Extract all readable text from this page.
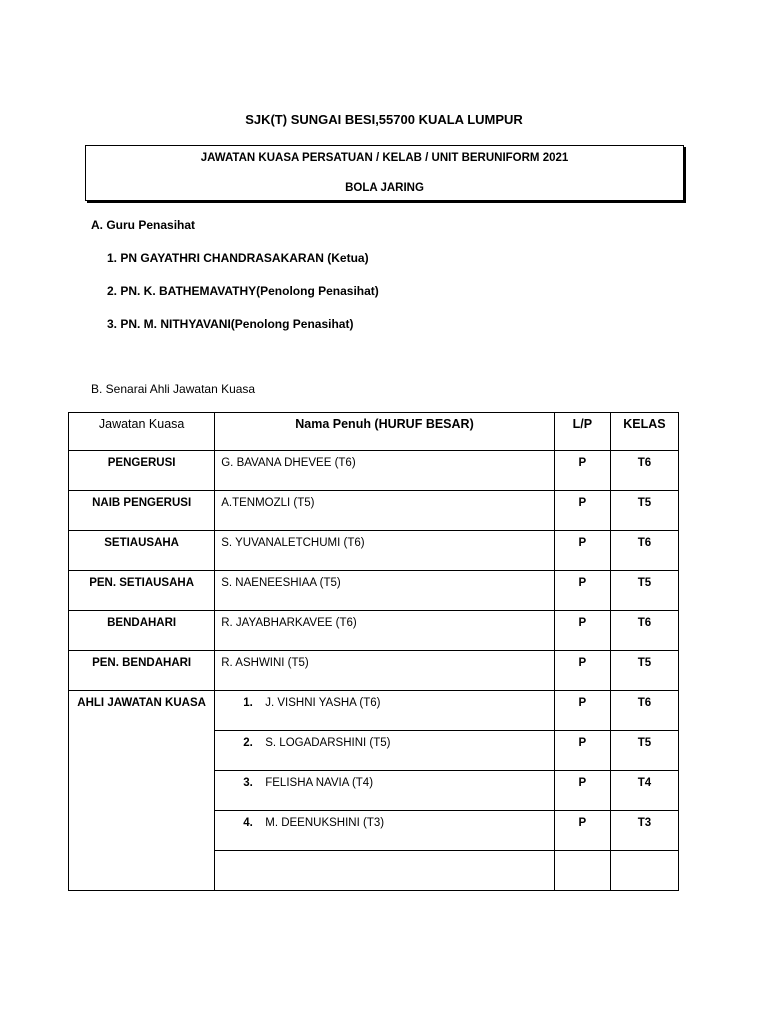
SJK(T) SUNGAI BESI,55700 KUALA LUMPUR
JAWATAN KUASA PERSATUAN / KELAB / UNIT BERUNIFORM 2021
BOLA JARING
A. Guru Penasihat
1. PN GAYATHRI CHANDRASAKARAN (Ketua)
2. PN. K. BATHEMAVATHY(Penolong Penasihat)
3. PN. M. NITHYAVANI(Penolong Penasihat)
B. Senarai Ahli Jawatan Kuasa
Jawatan Kuasa	Nama Penuh (HURUF BESAR)	L/P	KELAS
PENGERUSI	G. BAVANA DHEVEE (T6)	P	T6
NAIB PENGERUSI	A.TENMOZLI (T5)	P	T5
SETIAUSAHA	S. YUVANALETCHUMI (T6)	P	T6
PEN. SETIAUSAHA	S. NAENEESHIAA (T5)	P	T5
BENDAHARI	R. JAYABHARKAVEE (T6)	P	T6
PEN. BENDAHARI	R. ASHWINI (T5)	P	T5
AHLI JAWATAN KUASA	1. J. VISHNI YASHA (T6)	P	T6
	2. S. LOGADARSHINI (T5)	P	T5
	3. FELISHA NAVIA (T4)	P	T4
	4. M. DEENUKSHINI (T3)	P	T3
